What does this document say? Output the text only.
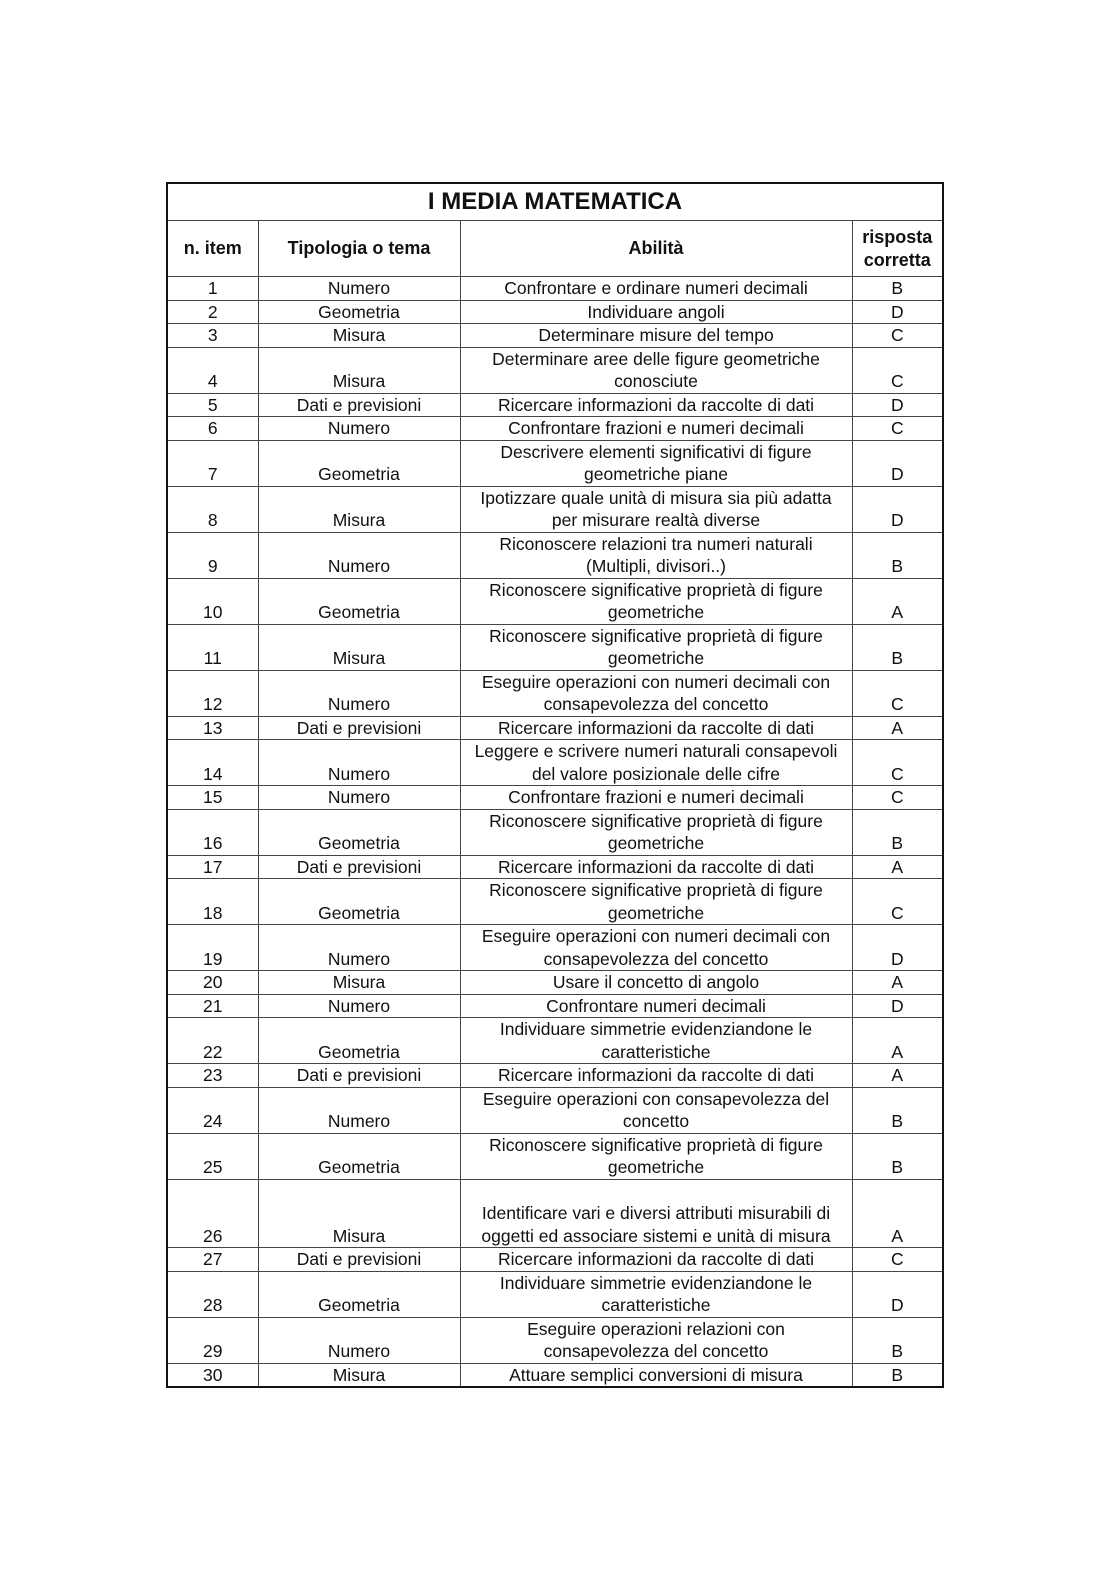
I MEDIA MATEMATICA			
n. item	Tipologia o tema	Abilità	risposta
corretta
1	Numero	Confrontare e ordinare numeri decimali	B
2	Geometria	Individuare angoli	D
3	Misura	Determinare misure del tempo	C
4	Misura	Determinare aree delle figure geometriche
conosciute	C
5	Dati e previsioni	Ricercare informazioni da raccolte di dati	D
6	Numero	Confrontare frazioni e numeri decimali	C
7	Geometria	Descrivere elementi significativi di figure
geometriche piane	D
8	Misura	Ipotizzare quale unità di misura sia più adatta
per misurare realtà diverse	D
9	Numero	Riconoscere relazioni tra numeri naturali
(Multipli, divisori..)	B
10	Geometria	Riconoscere significative proprietà di figure
geometriche	A
11	Misura	Riconoscere significative proprietà di figure
geometriche	B
12	Numero	Eseguire operazioni con numeri decimali con
consapevolezza del concetto	C
13	Dati e previsioni	Ricercare informazioni da raccolte di dati	A
14	Numero	Leggere e scrivere numeri naturali consapevoli
del valore posizionale delle cifre	C
15	Numero	Confrontare frazioni e numeri decimali	C
16	Geometria	Riconoscere significative proprietà di figure
geometriche	B
17	Dati e previsioni	Ricercare informazioni da raccolte di dati	A
18	Geometria	Riconoscere significative proprietà di figure
geometriche	C
19	Numero	Eseguire operazioni con numeri decimali con
consapevolezza del concetto	D
20	Misura	Usare il concetto di angolo	A
21	Numero	Confrontare numeri decimali	D
22	Geometria	Individuare simmetrie evidenziandone le
caratteristiche	A
23	Dati e previsioni	Ricercare informazioni da raccolte di dati	A
24	Numero	Eseguire operazioni con consapevolezza del
concetto	B
25	Geometria	Riconoscere significative proprietà di figure
geometriche	B
26	Misura	Identificare vari e diversi attributi misurabili di
oggetti ed associare sistemi e unità di misura	A
27	Dati e previsioni	Ricercare informazioni da raccolte di dati	C
28	Geometria	Individuare simmetrie evidenziandone le
caratteristiche	D
29	Numero	Eseguire operazioni relazioni con
consapevolezza del concetto	B
30	Misura	Attuare semplici conversioni di misura	B
